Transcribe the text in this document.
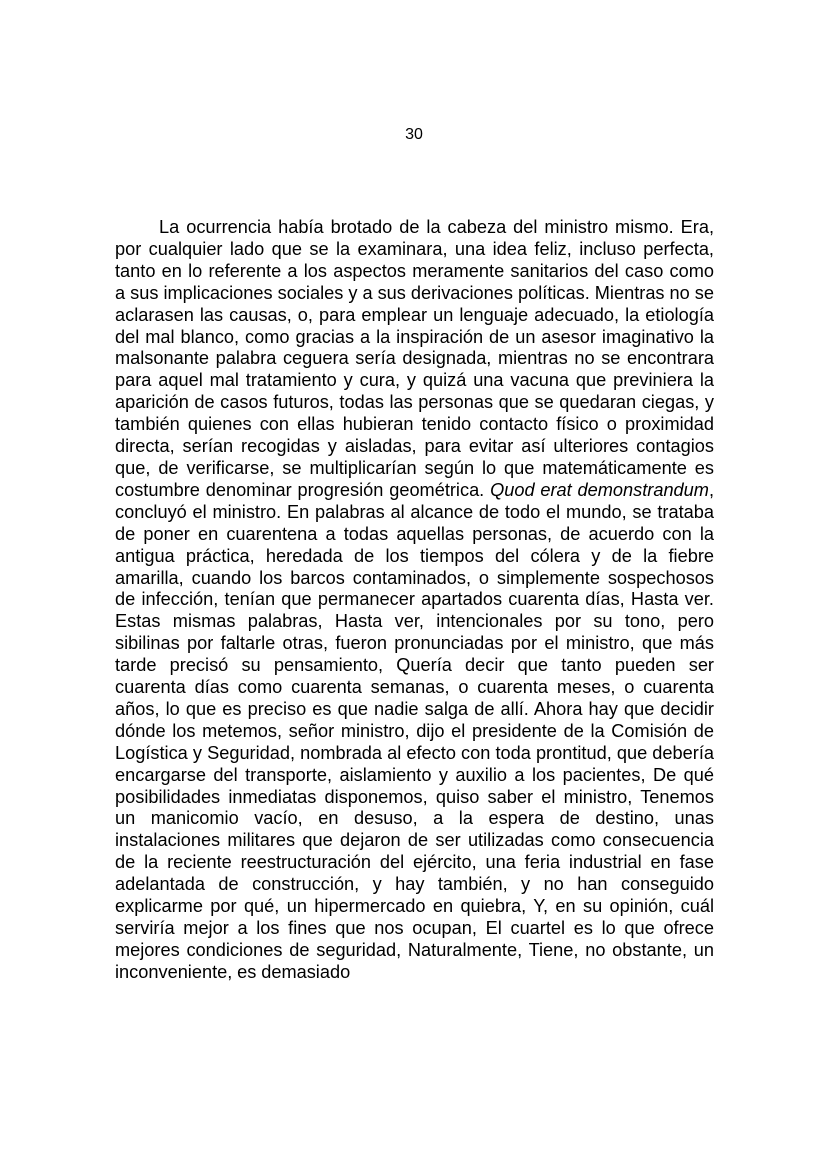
30

La ocurrencia había brotado de la cabeza del ministro mismo. Era, por cualquier lado que se la examinara, una idea feliz, incluso perfecta, tanto en lo referente a los aspectos meramente sanitarios del caso como a sus implicaciones sociales y a sus derivaciones políticas. Mientras no se aclarasen las causas, o, para emplear un lenguaje adecuado, la etiología del mal blanco, como gracias a la inspiración de un asesor imaginativo la malsonante palabra ceguera sería designada, mientras no se encontrara para aquel mal tratamiento y cura, y quizá una vacuna que previniera la aparición de casos futuros, todas las personas que se quedaran ciegas, y también quienes con ellas hubieran tenido contacto físico o proximidad directa, serían recogidas y aisladas, para evitar así ulteriores contagios que, de verificarse, se multiplicarían según lo que matemáticamente es costumbre denominar progresión geométrica. Quod erat demonstrandum, concluyó el ministro. En palabras al alcance de todo el mundo, se trataba de poner en cuarentena a todas aquellas personas, de acuerdo con la antigua práctica, heredada de los tiempos del cólera y de la fiebre amarilla, cuando los barcos contaminados, o simplemente sospechosos de infección, tenían que permanecer apartados cuarenta días, Hasta ver. Estas mismas palabras, Hasta ver, intencionales por su tono, pero sibilinas por faltarle otras, fueron pronunciadas por el ministro, que más tarde precisó su pensamiento, Quería decir que tanto pueden ser cuarenta días como cuarenta semanas, o cuarenta meses, o cuarenta años, lo que es preciso es que nadie salga de allí. Ahora hay que decidir dónde los metemos, señor ministro, dijo el presidente de la Comisión de Logística y Seguridad, nombrada al efecto con toda prontitud, que debería encargarse del transporte, aislamiento y auxilio a los pacientes, De qué posibilidades inmediatas disponemos, quiso saber el ministro, Tenemos un manicomio vacío, en desuso, a la espera de destino, unas instalaciones militares que dejaron de ser utilizadas como consecuencia de la reciente reestructuración del ejército, una feria industrial en fase adelantada de construcción, y hay también, y no han conseguido explicarme por qué, un hipermercado en quiebra, Y, en su opinión, cuál serviría mejor a los fines que nos ocupan, El cuartel es lo que ofrece mejores condiciones de seguridad, Naturalmente, Tiene, no obstante, un inconveniente, es demasiado
